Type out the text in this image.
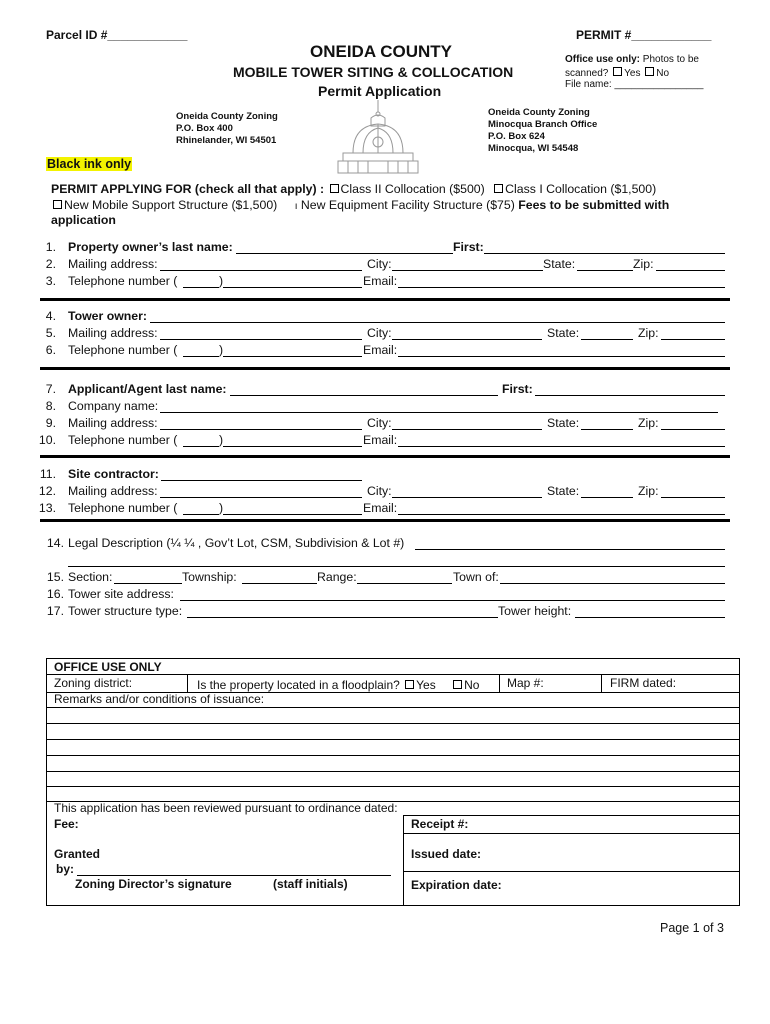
Parcel ID #____________	PERMIT #____________
ONEIDA COUNTY
MOBILE TOWER SITING & COLLOCATION
Permit Application
Office use only: Photos to be
scanned? Yes No
File name: ________________
Oneida County Zoning
P.O. Box 400
Rhinelander, WI 54501
Oneida County Zoning
Minocqua Branch Office
P.O. Box 624
Minocqua, WI 54548
Black ink only
PERMIT APPLYING FOR (check all that apply) : Class II Collocation ($500) Class I Collocation ($1,500)
New Mobile Support Structure ($1,500) ı New Equipment Facility Structure ($75) Fees to be submitted with
application
1. Property owner’s last name:	First:
2. Mailing address:	City:	State:	Zip:
3. Telephone number (	)	Email:
4. Tower owner:
5. Mailing address:	City:	State:	Zip:
6. Telephone number (	)	Email:
7. Applicant/Agent last name:	First:
8. Company name:
9. Mailing address:	City:	State:	Zip:
10. Telephone number (	)	Email:
11. Site contractor:
12. Mailing address:	City:	State:	Zip:
13. Telephone number (	)	Email:
14. Legal Description (¼ ¼ , Gov’t Lot, CSM, Subdivision & Lot #)
15. Section:	Township:	Range:	Town of:
16. Tower site address:
17. Tower structure type:	Tower height:
OFFICE USE ONLY
Zoning district:	Is the property located in a floodplain? Yes No Map #:	FIRM dated:
Remarks and/or conditions of issuance:
This application has been reviewed pursuant to ordinance dated:
Fee:	Receipt #:
Granted
by:
Issued date:
Zoning Director’s signature	(staff initials)	Expiration date:
Page 1 of 3
